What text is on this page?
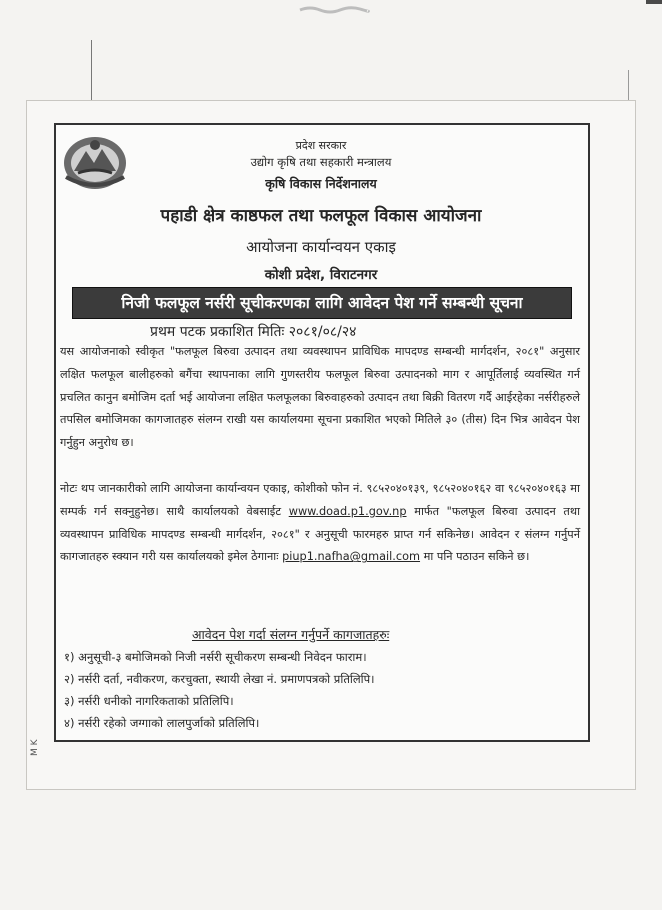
प्रदेश सरकार
उद्योग कृषि तथा सहकारी मन्त्रालय
कृषि विकास निर्देशनालय
पहाडी क्षेत्र काष्ठफल तथा फलफूल विकास आयोजना
आयोजना कार्यान्वयन एकाइ
कोशी प्रदेश, विराटनगर
निजी फलफूल नर्सरी सूचीकरणका लागि आवेदन पेश गर्ने सम्बन्धी सूचना
प्रथम पटक प्रकाशित मितिः २०८१/०८/२४

यस आयोजनाको स्वीकृत "फलफूल बिरुवा उत्पादन तथा व्यवस्थापन प्राविधिक मापदण्ड सम्बन्धी मार्गदर्शन, २०८१" अनुसार लक्षित फलफूल बालीहरुको बगैंचा स्थापनाका लागि गुणस्तरीय फलफूल बिरुवा उत्पादनको माग र आपूर्तिलाई व्यवस्थित गर्न प्रचलित कानुन बमोजिम दर्ता भई आयोजना लक्षित फलफूलका बिरुवाहरुको उत्पादन तथा बिक्री वितरण गर्दै आईरहेका नर्सरीहरुले तपसिल बमोजिमका कागजातहरु संलग्न राखी यस कार्यालयमा सूचना प्रकाशित भएको मितिले ३० (तीस) दिन भित्र आवेदन पेश गर्नुहुन अनुरोध छ।

नोटः थप जानकारीको लागि आयोजना कार्यान्वयन एकाइ, कोशीको फोन नं. ९८५२०४०१३९, ९८५२०४०१६२ वा ९८५२०४०१६३ मा सम्पर्क गर्न सक्नुहुनेछ। साथै कार्यालयको वेबसाईट www.doad.p1.gov.np मार्फत "फलफूल बिरुवा उत्पादन तथा व्यवस्थापन प्राविधिक मापदण्ड सम्बन्धी मार्गदर्शन, २०८१" र अनुसूची फारमहरु प्राप्त गर्न सकिनेछ। आवेदन र संलग्न गर्नुपर्ने कागजातहरु स्क्यान गरी यस कार्यालयको इमेल ठेगानाः piup1.nafha@gmail.com मा पनि पठाउन सकिने छ।

आवेदन पेश गर्दा संलग्न गर्नुपर्ने कागजातहरुः
१) अनुसूची-३ बमोजिमको निजी नर्सरी सूचीकरण सम्बन्धी निवेदन फाराम।
२) नर्सरी दर्ता, नवीकरण, करचुक्ता, स्थायी लेखा नं. प्रमाणपत्रको प्रतिलिपि।
३) नर्सरी धनीको नागरिकताको प्रतिलिपि।
४) नर्सरी रहेको जग्गाको लालपुर्जाको प्रतिलिपि।
M K
